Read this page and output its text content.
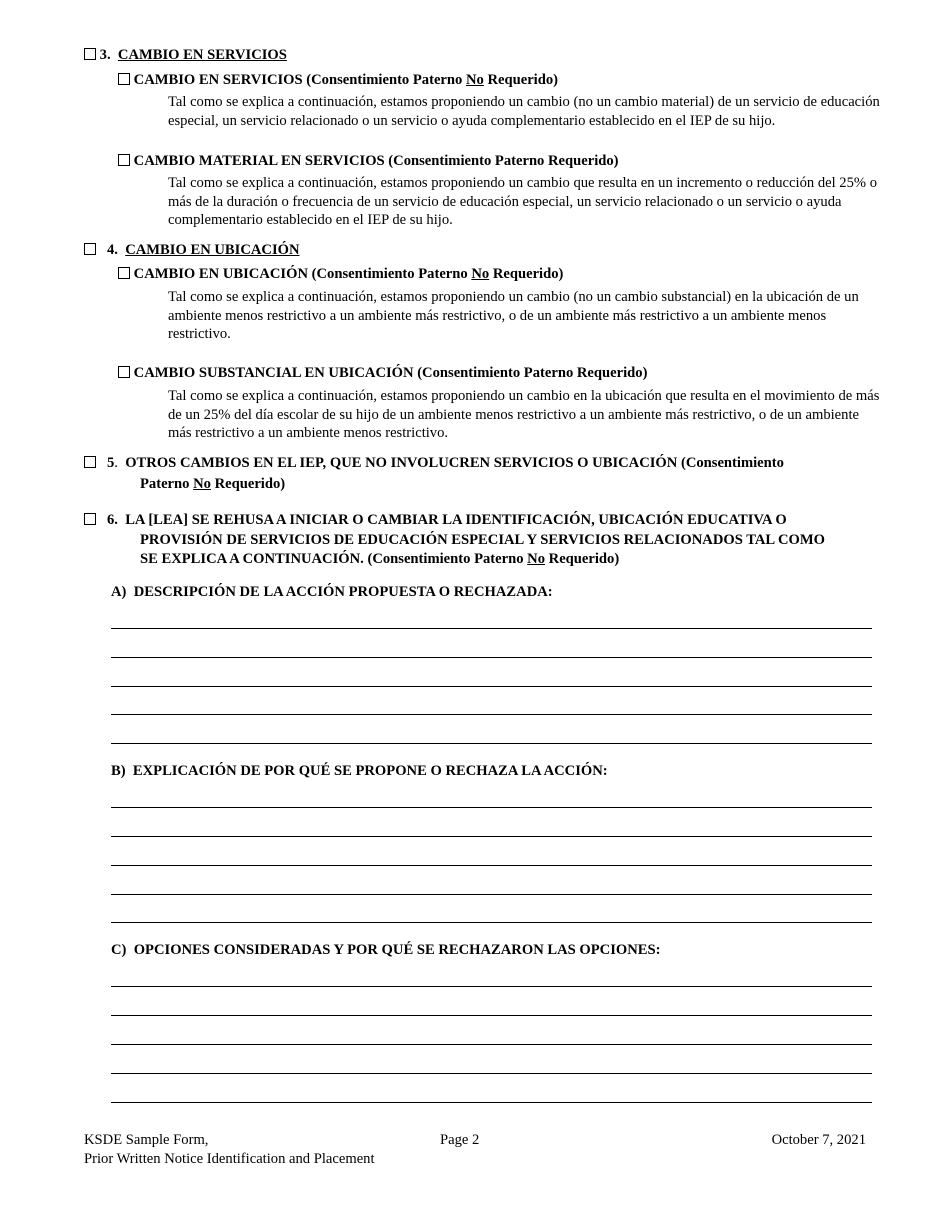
3. CAMBIO EN SERVICIOS
CAMBIO EN SERVICIOS (Consentimiento Paterno No Requerido)
Tal como se explica a continuación, estamos proponiendo un cambio (no un cambio material) de un servicio de educación especial, un servicio relacionado o un servicio o ayuda complementario establecido en el IEP de su hijo.
CAMBIO MATERIAL EN SERVICIOS (Consentimiento Paterno Requerido)
Tal como se explica a continuación, estamos proponiendo un cambio que resulta en un incremento o reducción del 25% o más de la duración o frecuencia de un servicio de educación especial, un servicio relacionado o un servicio o ayuda complementario establecido en el IEP de su hijo.
4. CAMBIO EN UBICACIÓN
CAMBIO EN UBICACIÓN (Consentimiento Paterno No Requerido)
Tal como se explica a continuación, estamos proponiendo un cambio (no un cambio substancial) en la ubicación de un ambiente menos restrictivo a un ambiente más restrictivo, o de un ambiente más restrictivo a un ambiente menos restrictivo.
CAMBIO SUBSTANCIAL EN UBICACIÓN (Consentimiento Paterno Requerido)
Tal como se explica a continuación, estamos proponiendo un cambio en la ubicación que resulta en el movimiento de más de un 25% del día escolar de su hijo de un ambiente menos restrictivo a un ambiente más restrictivo, o de un ambiente más restrictivo a un ambiente menos restrictivo.
5. OTROS CAMBIOS EN EL IEP, QUE NO INVOLUCREN SERVICIOS O UBICACIÓN (Consentimiento
Paterno No Requerido)
6. LA [LEA] SE REHUSA A INICIAR O CAMBIAR LA IDENTIFICACIÓN, UBICACIÓN EDUCATIVA O
PROVISIÓN DE SERVICIOS DE EDUCACIÓN ESPECIAL Y SERVICIOS RELACIONADOS TAL COMO
SE EXPLICA A CONTINUACIÓN. (Consentimiento Paterno No Requerido)
A) DESCRIPCIÓN DE LA ACCIÓN PROPUESTA O RECHAZADA:
B) EXPLICACIÓN DE POR QUÉ SE PROPONE O RECHAZA LA ACCIÓN:
C) OPCIONES CONSIDERADAS Y POR QUÉ SE RECHAZARON LAS OPCIONES:
KSDE Sample Form,
Prior Written Notice Identification and Placement
Page 2	October 7, 2021
